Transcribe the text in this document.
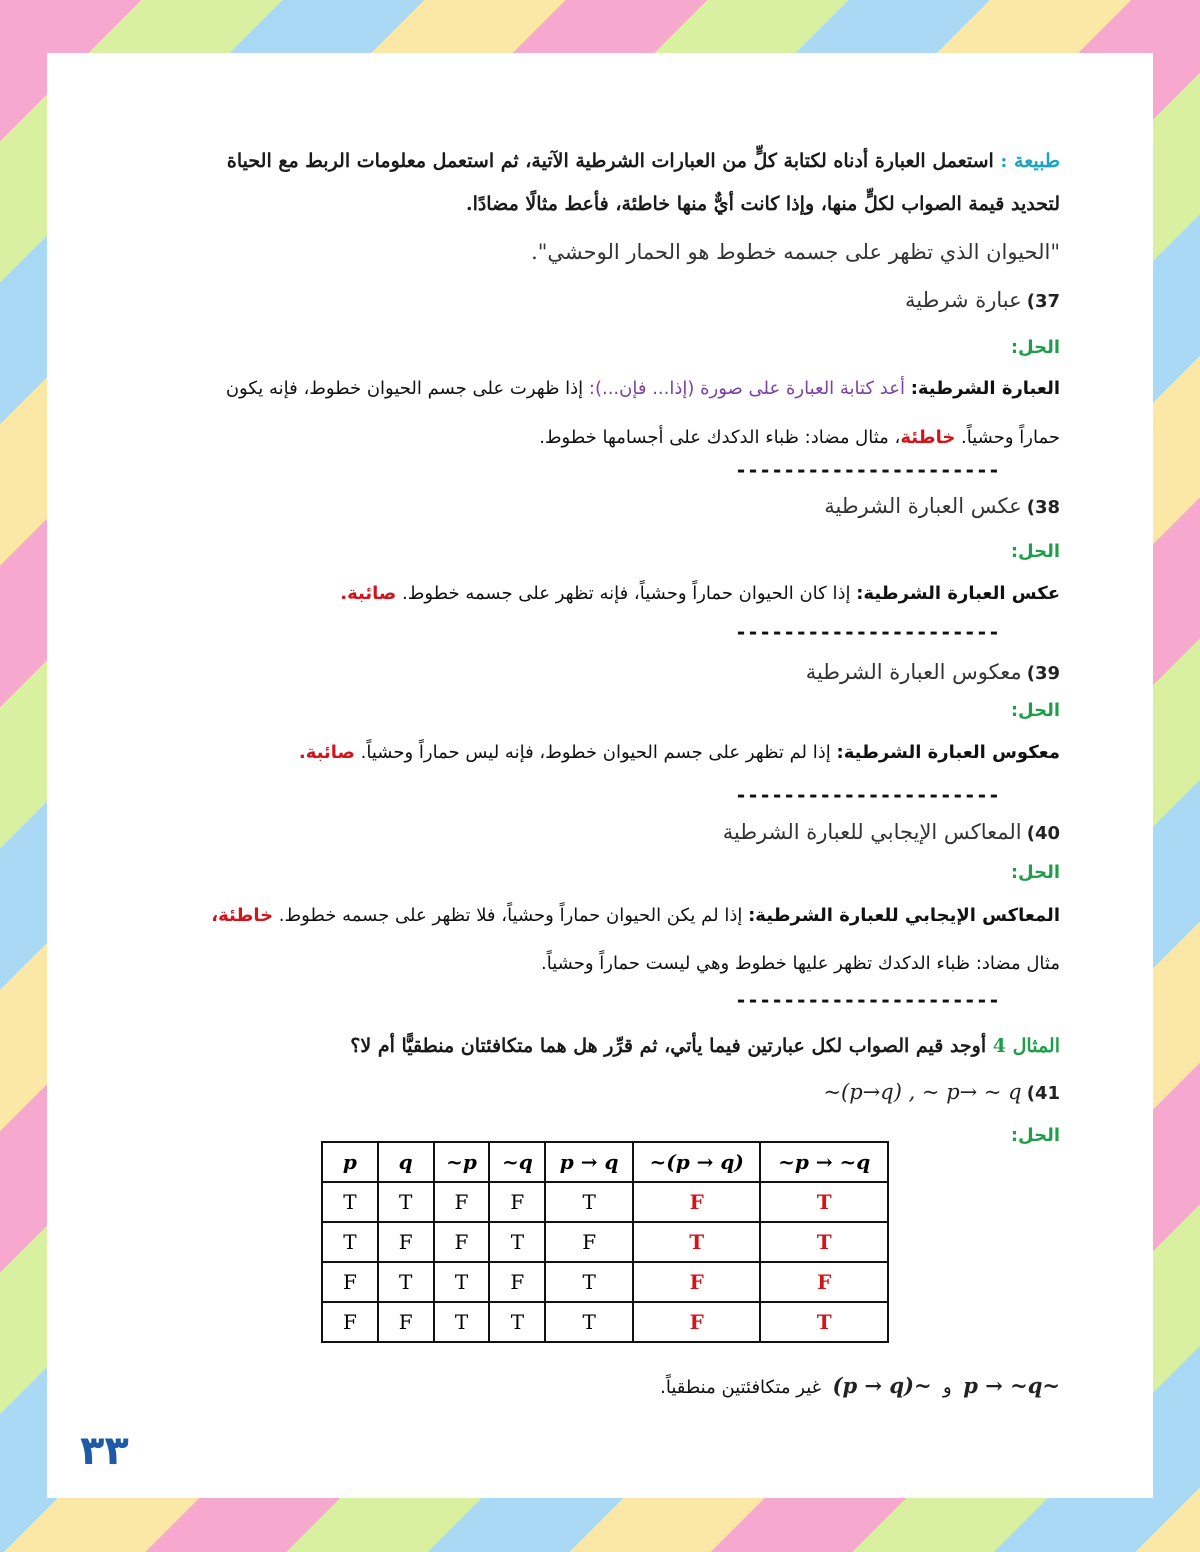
طبيعة : استعمل العبارة أدناه لكتابة كلٍّ من العبارات الشرطية الآتية، ثم استعمل معلومات الربط مع الحياة
لتحديد قيمة الصواب لكلٍّ منها، وإذا كانت أيٌّ منها خاطئة، فأعط مثالًا مضادًا.
"الحيوان الذي تظهر على جسمه خطوط هو الحمار الوحشي".
37) عبارة شرطية
الحل:
العبارة الشرطية: أعد كتابة العبارة على صورة (إذا... فإن...): إذا ظهرت على جسم الحيوان خطوط، فإنه يكون
حماراً وحشياً. خاطئة، مثال مضاد: ظباء الدكدك على أجسامها خطوط.
----------------------
38) عكس العبارة الشرطية
الحل:
عكس العبارة الشرطية: إذا كان الحيوان حماراً وحشياً، فإنه تظهر على جسمه خطوط. صائبة.
----------------------
39) معكوس العبارة الشرطية
الحل:
معكوس العبارة الشرطية: إذا لم تظهر على جسم الحيوان خطوط، فإنه ليس حماراً وحشياً. صائبة.
----------------------
40) المعاكس الإيجابي للعبارة الشرطية
الحل:
المعاكس الإيجابي للعبارة الشرطية: إذا لم يكن الحيوان حماراً وحشياً، فلا تظهر على جسمه خطوط. خاطئة،
مثال مضاد: ظباء الدكدك تظهر عليها خطوط وهي ليست حماراً وحشياً.
----------------------
المثال 4 أوجد قيم الصواب لكل عبارتين فيما يأتي، ثم قرِّر هل هما متكافئتان منطقيًّا أم لا؟
~(p→q) , ~ p→ ~ q (41
الحل:
p	q	~p	~q	p → q	~(p → q)	~p → ~q
T	T	F	F	T	F	T
T	F	F	T	F	T	T
F	T	T	F	T	F	F
F	F	T	T	T	F	T
~p → ~q  و  ~(p → q)  غير متكافئتين منطقياً.
٣٣
